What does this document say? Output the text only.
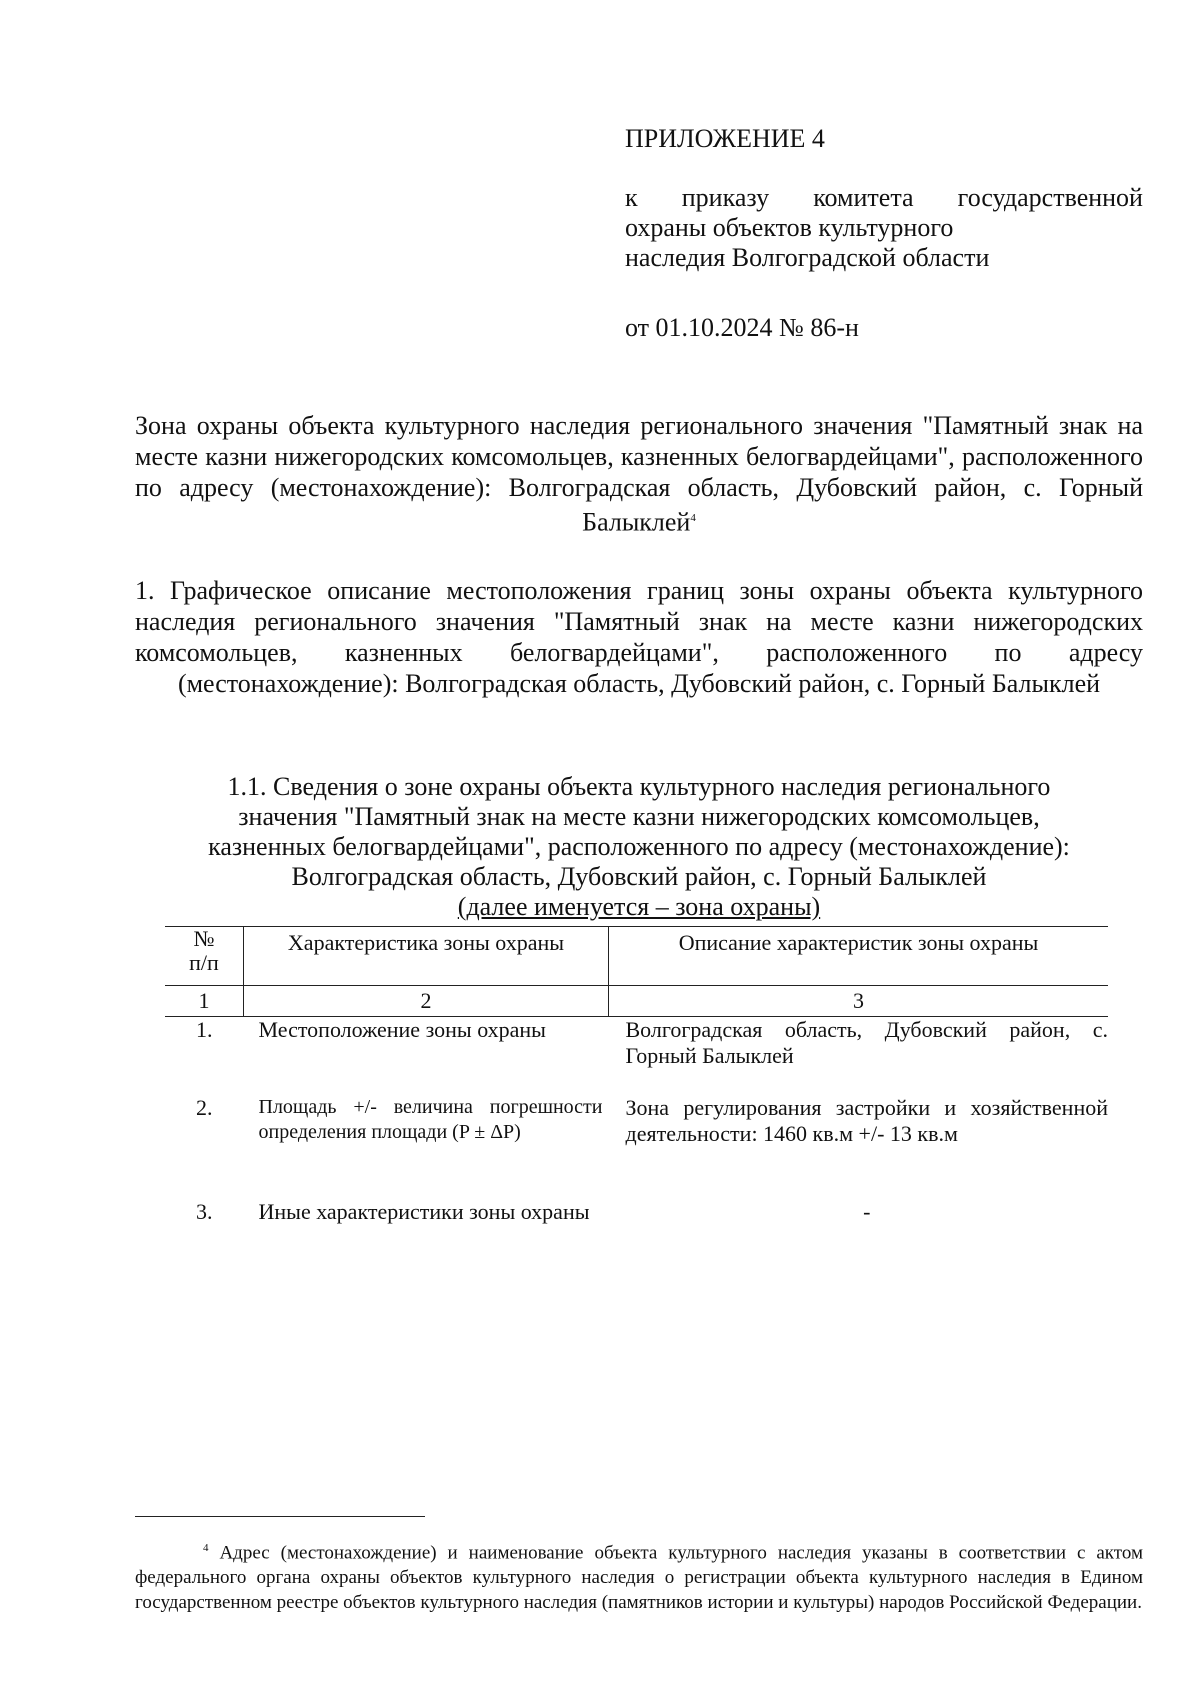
ПРИЛОЖЕНИЕ 4
к приказу комитета государственной
охраны объектов культурного
наследия Волгоградской области
от 01.10.2024 № 86-н
Зона охраны объекта культурного наследия регионального значения "Памятный знак на месте казни нижегородских комсомольцев, казненных белогвардейцами", расположенного по адресу (местонахождение): Волгоградская область, Дубовский район, с. Горный Балыклей$^4$
1. Графическое описание местоположения границ зоны охраны объекта культурного наследия регионального значения "Памятный знак на месте казни нижегородских комсомольцев, казненных белогвардейцами", расположенного по адресу (местонахождение): Волгоградская область, Дубовский район, с. Горный Балыклей
1.1. Сведения о зоне охраны объекта культурного наследия регионального
значения "Памятный знак на месте казни нижегородских комсомольцев,
казненных белогвардейцами", расположенного по адресу (местонахождение):
Волгоградская область, Дубовский район, с. Горный Балыклей
(далее именуется – зона охраны)
№
п/п	Характеристика зоны охраны	Описание характеристик зоны охраны
1	2	3
1.	Местоположение зоны охраны	Волгоградская область, Дубовский район, с. Горный Балыклей
2.	Площадь +/- величина погрешности определения площади (P ± ΔP)	Зона регулирования застройки и хозяйственной деятельности: 1460 кв.м +/- 13 кв.м
3.	Иные характеристики зоны охраны	-
$^4$ Адрес (местонахождение) и наименование объекта культурного наследия указаны в соответствии с актом федерального органа охраны объектов культурного наследия о регистрации объекта культурного наследия в Едином государственном реестре объектов культурного наследия (памятников истории и культуры) народов Российской Федерации.
